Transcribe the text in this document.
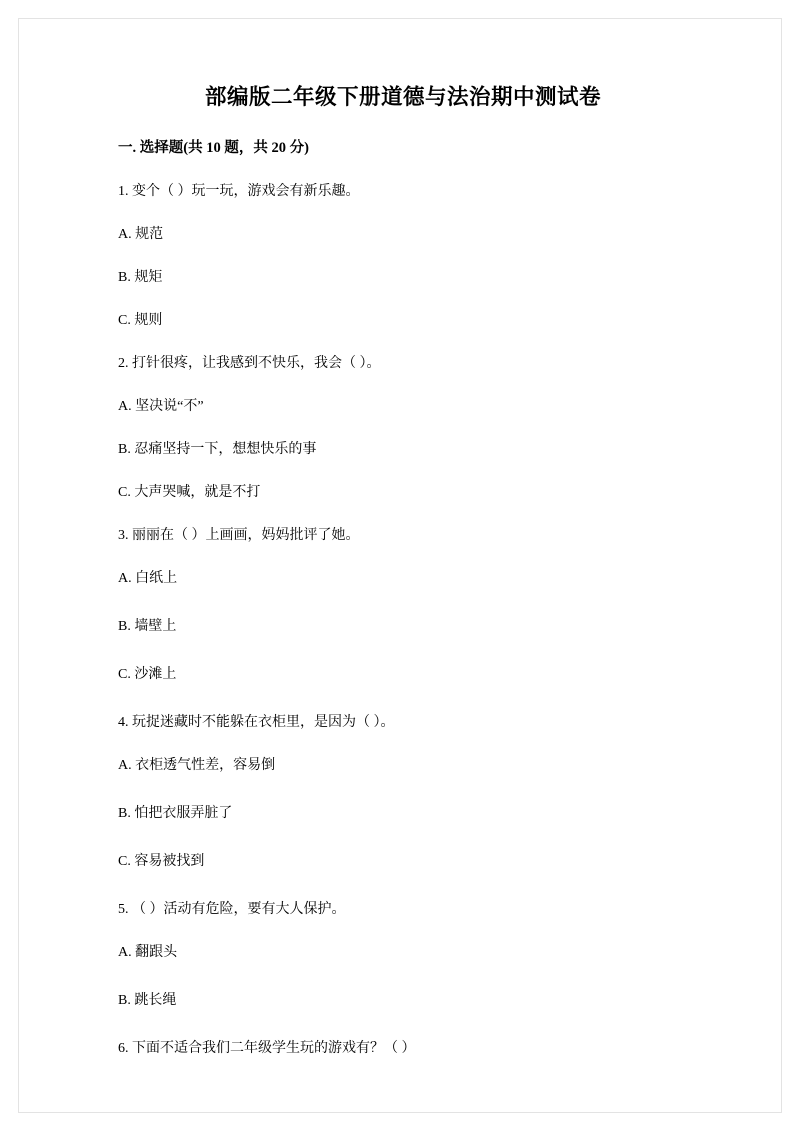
部编版二年级下册道德与法治期中测试卷
一. 选择题(共 10 题，共 20 分)
1. 变个（ ）玩一玩，游戏会有新乐趣。
A. 规范
B. 规矩
C. 规则
2. 打针很疼，让我感到不快乐，我会（ ）。
A. 坚决说“不”
B. 忍痛坚持一下，想想快乐的事
C. 大声哭喊，就是不打
3. 丽丽在（ ）上画画，妈妈批评了她。
A. 白纸上
B. 墙壁上
C. 沙滩上
4. 玩捉迷藏时不能躲在衣柜里，是因为（ ）。
A. 衣柜透气性差，容易倒
B. 怕把衣服弄脏了
C. 容易被找到
5. （ ）活动有危险，要有大人保护。
A. 翻跟头
B. 跳长绳
6. 下面不适合我们二年级学生玩的游戏有？（ ）
